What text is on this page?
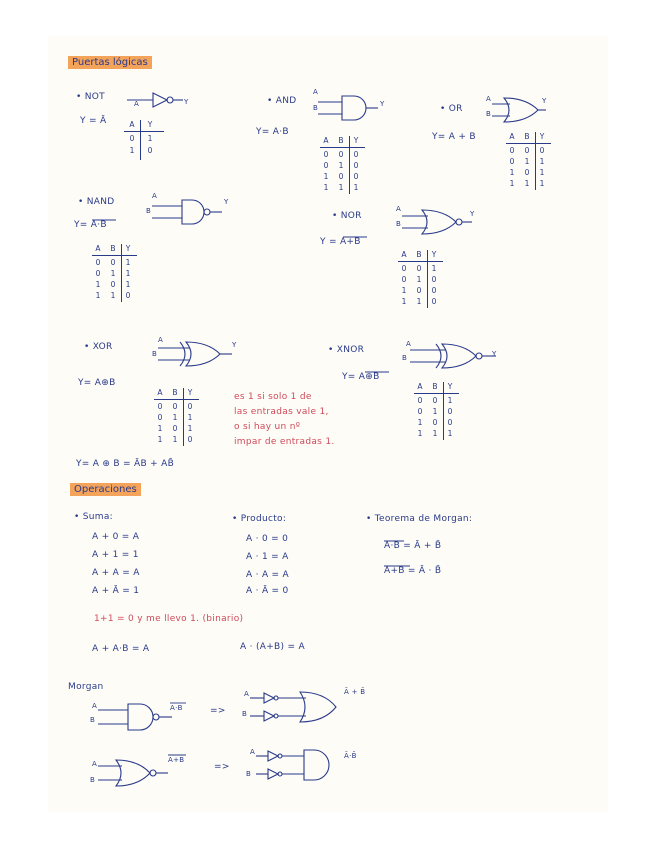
Puertas lógicas
• NOT
A	Y
Y = Ā	A	Y
0	1
1	0
• AND
A
B	Y
Y= A·B
A	B	Y
0	0	0
0	1	0
1	0	0
1	1	1
• OR
A
B
Y
Y= A + B	A	B	Y
0	0	0
0	1	1
1	0	1
1	1	1
• NAND
Y= A·B
A
B
Y
A	B	Y
0	0	1
0	1	1
1	0	1
1	1	0
• NOR
A
B
Y
Y = A+B
A	B	Y
0	0	1
0	1	0
1	0	0
1	1	0
• XOR
A
B
Y
Y= A⊕B
A	B	Y
0	0	0
0	1	1
1	0	1
1	1	0
es 1 si solo 1 de
las entradas vale 1,
o si hay un nº
impar de entradas 1.
Y= A ⊕ B = ĀB + AB̄
• XNOR
A
B	Y
Y= A⊕B
A	B	Y
0	0	1
0	1	0
1	0	0
1	1	1
Operaciones
• Suma:
A + 0 = A
A + 1 = 1
A + A = A
A + Ā = 1
• Producto:
A · 0 = 0
A · 1 = A
A · A = A
A · Ā = 0
• Teorema de Morgan:
A·B = Ā + B̄
A+B = Ā · B̄
1+1 = 0 y me llevo 1. (binario)
A + A·B = A	A · (A+B) = A
Morgan
A
B
A·B	=>
A
B
Ā + B̄
A
B
A+B
=>
A
B
Ā·B̄
